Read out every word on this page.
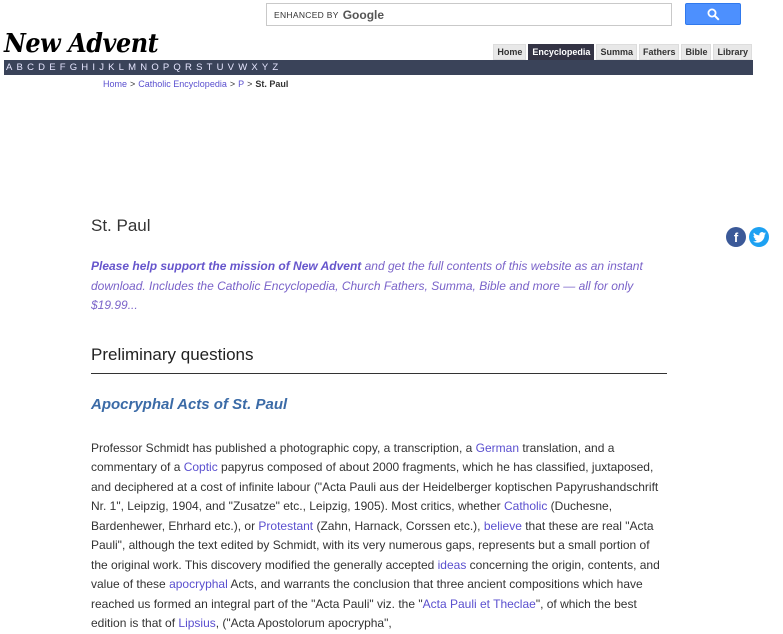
ENHANCED BY Google
New Advent	Home	Encyclopedia	Summa	Fathers	Bible	Library
A B C D E F G H I J K L M N O P Q R S T U V W X Y Z
Home > Catholic Encyclopedia > P > St. Paul
f
St. Paul
Please help support the mission of New Advent and get the full contents of this website as an instant download. Includes the Catholic Encyclopedia, Church Fathers, Summa, Bible and more — all for only $19.99...
Preliminary questions
Apocryphal Acts of St. Paul
Professor Schmidt has published a photographic copy, a transcription, a German translation, and a commentary of a Coptic papyrus composed of about 2000 fragments, which he has classified, juxtaposed, and deciphered at a cost of infinite labour ("Acta Pauli aus der Heidelberger koptischen Papyrushandschrift Nr. 1", Leipzig, 1904, and "Zusatze" etc., Leipzig, 1905). Most critics, whether Catholic (Duchesne, Bardenhewer, Ehrhard etc.), or Protestant (Zahn, Harnack, Corssen etc.), believe that these are real "Acta Pauli", although the text edited by Schmidt, with its very numerous gaps, represents but a small portion of the original work. This discovery modified the generally accepted ideas concerning the origin, contents, and value of these apocryphal Acts, and warrants the conclusion that three ancient compositions which have reached us formed an integral part of the "Acta Pauli" viz. the "Acta Pauli et Theclae", of which the best edition is that of Lipsius, ("Acta Apostolorum apocrypha",
